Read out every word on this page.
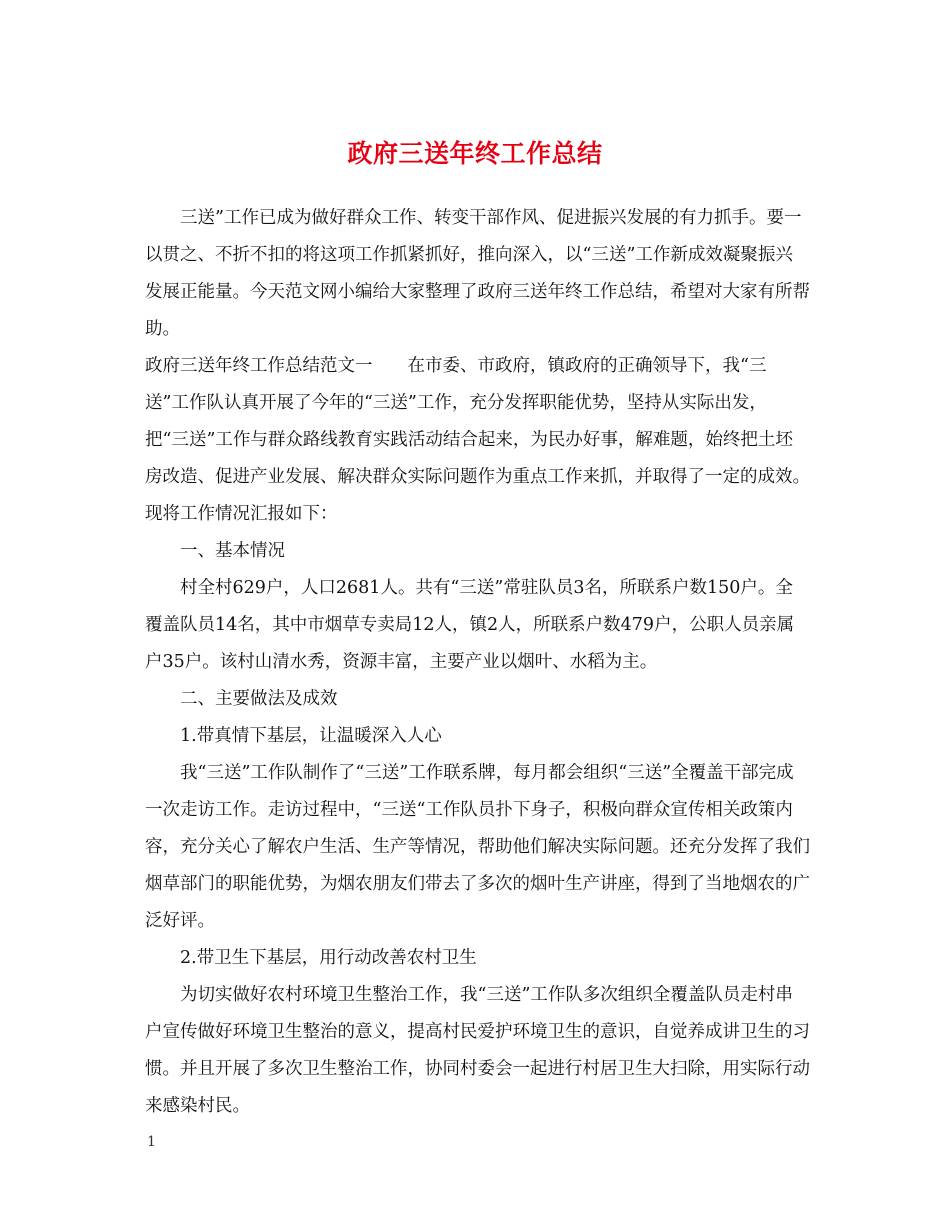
政府三送年终工作总结

三送”工作已成为做好群众工作、转变干部作风、促进振兴发展的有力抓手。要一以贯之、不折不扣的将这项工作抓紧抓好，推向深入，以“三送”工作新成效凝聚振兴发展正能量。今天范文网小编给大家整理了政府三送年终工作总结，希望对大家有所帮助。

政府三送年终工作总结范文一　　在市委、市政府，镇政府的正确领导下，我“三送”工作队认真开展了今年的“三送”工作，充分发挥职能优势，坚持从实际出发，把“三送”工作与群众路线教育实践活动结合起来，为民办好事，解难题，始终把土坯房改造、促进产业发展、解决群众实际问题作为重点工作来抓，并取得了一定的成效。现将工作情况汇报如下：

一、基本情况

村全村629户，人口2681人。共有“三送”常驻队员3名，所联系户数150户。全覆盖队员14名，其中市烟草专卖局12人，镇2人，所联系户数479户，公职人员亲属户35户。该村山清水秀，资源丰富，主要产业以烟叶、水稻为主。

二、主要做法及成效

1.带真情下基层，让温暖深入人心

我“三送”工作队制作了“三送”工作联系牌，每月都会组织“三送”全覆盖干部完成一次走访工作。走访过程中，“三送“工作队员扑下身子，积极向群众宣传相关政策内容，充分关心了解农户生活、生产等情况，帮助他们解决实际问题。还充分发挥了我们烟草部门的职能优势，为烟农朋友们带去了多次的烟叶生产讲座，得到了当地烟农的广泛好评。

2.带卫生下基层，用行动改善农村卫生

为切实做好农村环境卫生整治工作，我“三送”工作队多次组织全覆盖队员走村串户宣传做好环境卫生整治的意义，提高村民爱护环境卫生的意识，自觉养成讲卫生的习惯。并且开展了多次卫生整治工作，协同村委会一起进行村居卫生大扫除，用实际行动来感染村民。

1
